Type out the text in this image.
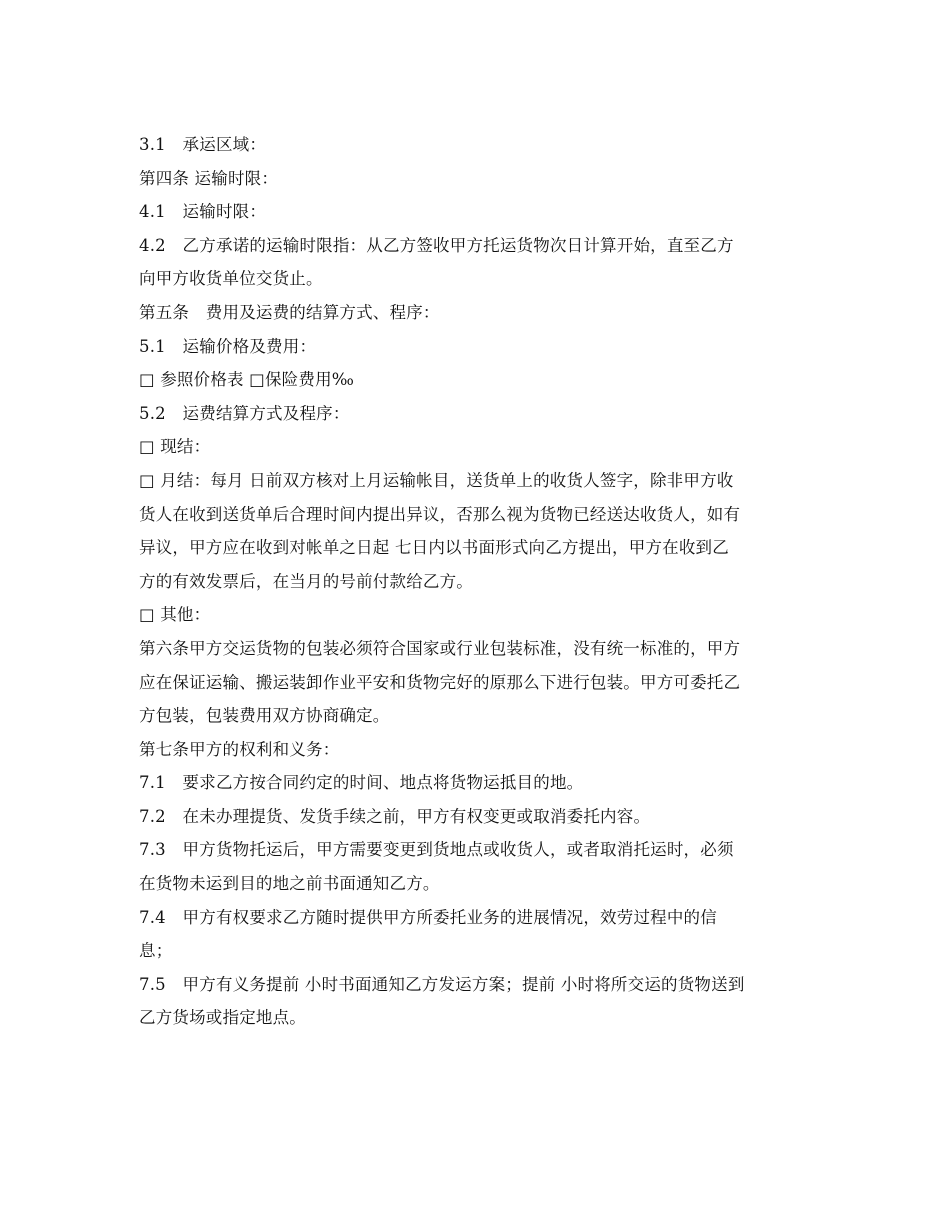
3.1　承运区域：

第四条 运输时限：

4.1　运输时限：

4.2　乙方承诺的运输时限指：从乙方签收甲方托运货物次日计算开始，直至乙方

向甲方收货单位交货止。

第五条　费用及运费的结算方式、程序：

5.1　运输价格及费用：

□ 参照价格表 □保险费用‰

5.2　运费结算方式及程序：

□ 现结：

□ 月结：每月 日前双方核对上月运输帐目，送货单上的收货人签字，除非甲方收

货人在收到送货单后合理时间内提出异议，否那么视为货物已经送达收货人，如有

异议，甲方应在收到对帐单之日起 七日内以书面形式向乙方提出，甲方在收到乙

方的有效发票后，在当月的号前付款给乙方。

□ 其他：

第六条甲方交运货物的包装必须符合国家或行业包装标准，没有统一标准的，甲方

应在保证运输、搬运装卸作业平安和货物完好的原那么下进行包装。甲方可委托乙

方包装，包装费用双方协商确定。

第七条甲方的权利和义务：

7.1　要求乙方按合同约定的时间、地点将货物运抵目的地。

7.2　在未办理提货、发货手续之前，甲方有权变更或取消委托内容。

7.3　甲方货物托运后，甲方需要变更到货地点或收货人，或者取消托运时，必须

在货物未运到目的地之前书面通知乙方。

7.4　甲方有权要求乙方随时提供甲方所委托业务的进展情况，效劳过程中的信

息；

7.5　甲方有义务提前 小时书面通知乙方发运方案；提前 小时将所交运的货物送到

乙方货场或指定地点。
